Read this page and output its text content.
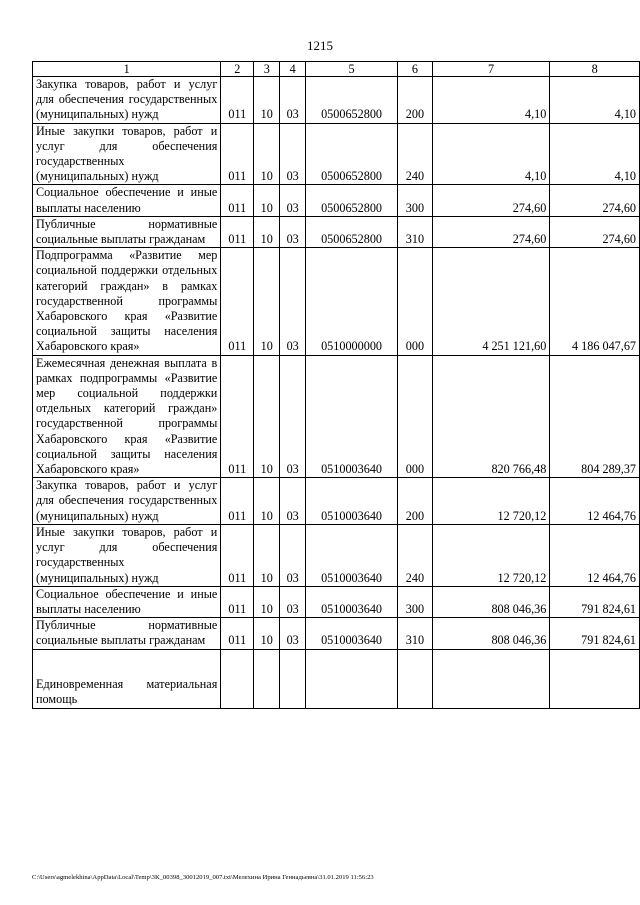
1215
1	2	3	4	5	6	7	8

Закупка товаров, работ и услуг для обеспечения государственных (муниципальных) нужд	011	10	03	0500652800	200	4,10	4,10

Иные закупки товаров, работ и услуг для обеспечения государственных (муниципальных) нужд	011	10	03	0500652800	240	4,10	4,10

Социальное обеспечение и иные выплаты населению	011	10	03	0500652800	300	274,60	274,60

Публичные нормативные социальные выплаты гражданам	011	10	03	0500652800	310	274,60	274,60

Подпрограмма «Развитие мер социальной поддержки отдельных категорий граждан» в рамках государственной программы Хабаровского края «Развитие социальной защиты населения Хабаровского края»	011	10	03	0510000000	000	4 251 121,60	4 186 047,67

Ежемесячная денежная выплата в рамках подпрограммы «Развитие мер социальной поддержки отдельных категорий граждан» государственной программы Хабаровского края «Развитие социальной защиты населения Хабаровского края»	011	10	03	0510003640	000	820 766,48	804 289,37

Закупка товаров, работ и услуг для обеспечения государственных (муниципальных) нужд	011	10	03	0510003640	200	12 720,12	12 464,76

Иные закупки товаров, работ и услуг для обеспечения государственных (муниципальных) нужд	011	10	03	0510003640	240	12 720,12	12 464,76

Социальное обеспечение и иные выплаты населению	011	10	03	0510003640	300	808 046,36	791 824,61

Публичные нормативные социальные выплаты гражданам	011	10	03	0510003640	310	808 046,36	791 824,61

Единовременная материальная помощь							

C:\Users\agmelekhina\AppData\Local\Temp\3K_00398_30012019_007.txt\Мелехина Ирина Геннадьевна\31.01.2019 11:56:23
